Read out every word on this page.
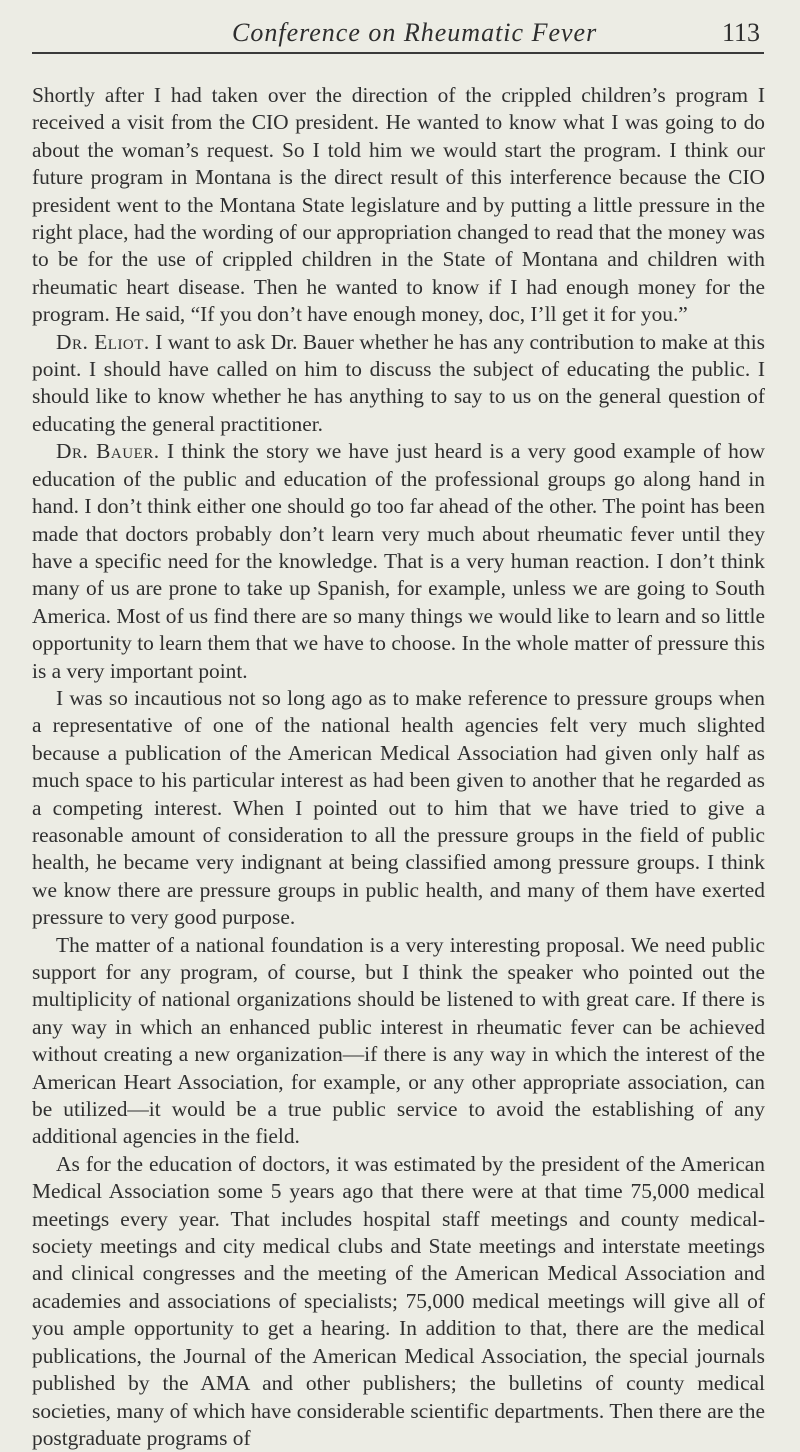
Conference on Rheumatic Fever	113

Shortly after I had taken over the direction of the crippled children’s program I received a visit from the CIO president. He wanted to know what I was going to do about the woman’s request. So I told him we would start the program. I think our future program in Montana is the direct result of this interference because the CIO president went to the Montana State legislature and by putting a little pressure in the right place, had the wording of our appropriation changed to read that the money was to be for the use of crippled children in the State of Montana and children with rheumatic heart disease. Then he wanted to know if I had enough money for the program. He said, “If you don’t have enough money, doc, I’ll get it for you.”

Dr. Eliot. I want to ask Dr. Bauer whether he has any contribution to make at this point. I should have called on him to discuss the subject of educating the public. I should like to know whether he has anything to say to us on the general question of educating the general practitioner.

Dr. Bauer. I think the story we have just heard is a very good example of how education of the public and education of the professional groups go along hand in hand. I don’t think either one should go too far ahead of the other. The point has been made that doctors probably don’t learn very much about rheumatic fever until they have a specific need for the knowledge. That is a very human reaction. I don’t think many of us are prone to take up Spanish, for example, unless we are going to South America. Most of us find there are so many things we would like to learn and so little opportunity to learn them that we have to choose. In the whole matter of pressure this is a very important point.

I was so incautious not so long ago as to make reference to pressure groups when a representative of one of the national health agencies felt very much slighted because a publication of the American Medical Association had given only half as much space to his particular interest as had been given to another that he regarded as a competing interest. When I pointed out to him that we have tried to give a reasonable amount of consideration to all the pressure groups in the field of public health, he became very indignant at being classified among pressure groups. I think we know there are pressure groups in public health, and many of them have exerted pressure to very good purpose.

The matter of a national foundation is a very interesting proposal. We need public support for any program, of course, but I think the speaker who pointed out the multiplicity of national organizations should be listened to with great care. If there is any way in which an enhanced public interest in rheumatic fever can be achieved without creating a new organization—if there is any way in which the interest of the American Heart Association, for example, or any other appropriate association, can be utilized—it would be a true public service to avoid the establishing of any additional agencies in the field.

As for the education of doctors, it was estimated by the president of the American Medical Association some 5 years ago that there were at that time 75,000 medical meetings every year. That includes hospital staff meetings and county medical-society meetings and city medical clubs and State meetings and interstate meetings and clinical congresses and the meeting of the American Medical Association and academies and associations of specialists; 75,000 medical meetings will give all of you ample opportunity to get a hearing. In addition to that, there are the medical publications, the Journal of the American Medical Association, the special journals published by the AMA and other publishers; the bulletins of county medical societies, many of which have considerable scientific departments. Then there are the postgraduate programs of
